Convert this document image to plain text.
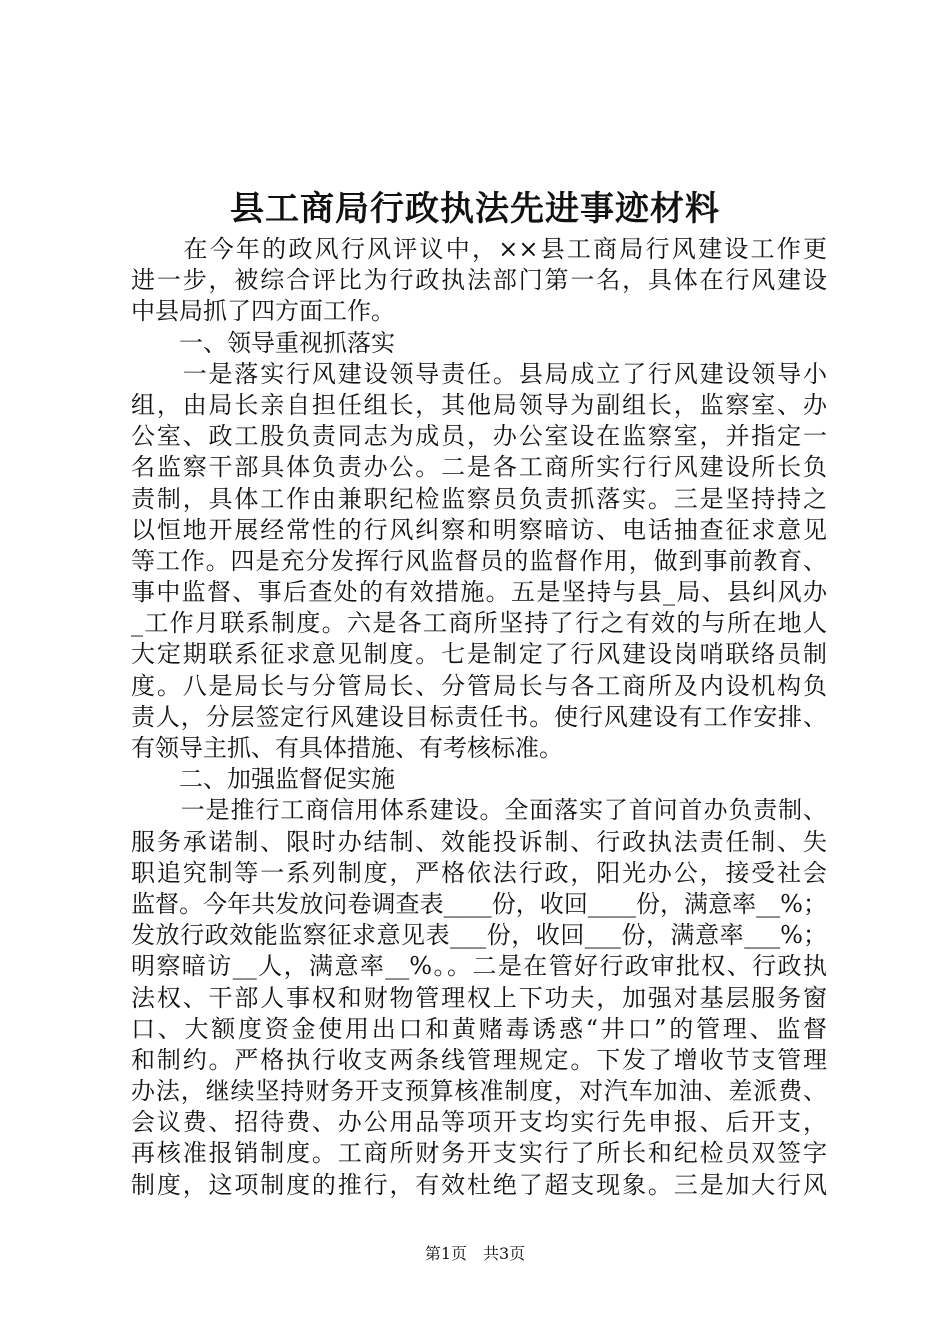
县工商局行政执法先进事迹材料
　　在今年的政风行风评议中，××县工商局行风建设工作更
进一步，被综合评比为行政执法部门第一名，具体在行风建设
中县局抓了四方面工作。
　　一、领导重视抓落实
　　一是落实行风建设领导责任。县局成立了行风建设领导小
组，由局长亲自担任组长，其他局领导为副组长，监察室、办
公室、政工股负责同志为成员，办公室设在监察室，并指定一
名监察干部具体负责办公。二是各工商所实行行风建设所长负
责制，具体工作由兼职纪检监察员负责抓落实。三是坚持持之
以恒地开展经常性的行风纠察和明察暗访、电话抽查征求意见
等工作。四是充分发挥行风监督员的监督作用，做到事前教育、
事中监督、事后查处的有效措施。五是坚持与县_局、县纠风办
_工作月联系制度。六是各工商所坚持了行之有效的与所在地人
大定期联系征求意见制度。七是制定了行风建设岗哨联络员制
度。八是局长与分管局长、分管局长与各工商所及内设机构负
责人，分层签定行风建设目标责任书。使行风建设有工作安排、
有领导主抓、有具体措施、有考核标准。
　　二、加强监督促实施
　　一是推行工商信用体系建设。全面落实了首问首办负责制、
服务承诺制、限时办结制、效能投诉制、行政执法责任制、失
职追究制等一系列制度，严格依法行政，阳光办公，接受社会
监督。今年共发放问卷调查表____份，收回____份，满意率__%；
发放行政效能监察征求意见表___份，收回___份，满意率___%；
明察暗访__人，满意率__%。。二是在管好行政审批权、行政执
法权、干部人事权和财物管理权上下功夫，加强对基层服务窗
口、大额度资金使用出口和黄赌毒诱惑“井口”的管理、监督
和制约。严格执行收支两条线管理规定。下发了增收节支管理
办法，继续坚持财务开支预算核准制度，对汽车加油、差派费、
会议费、招待费、办公用品等项开支均实行先申报、后开支，
再核准报销制度。工商所财务开支实行了所长和纪检员双签字
制度，这项制度的推行，有效杜绝了超支现象。三是加大行风
第1页　共3页
